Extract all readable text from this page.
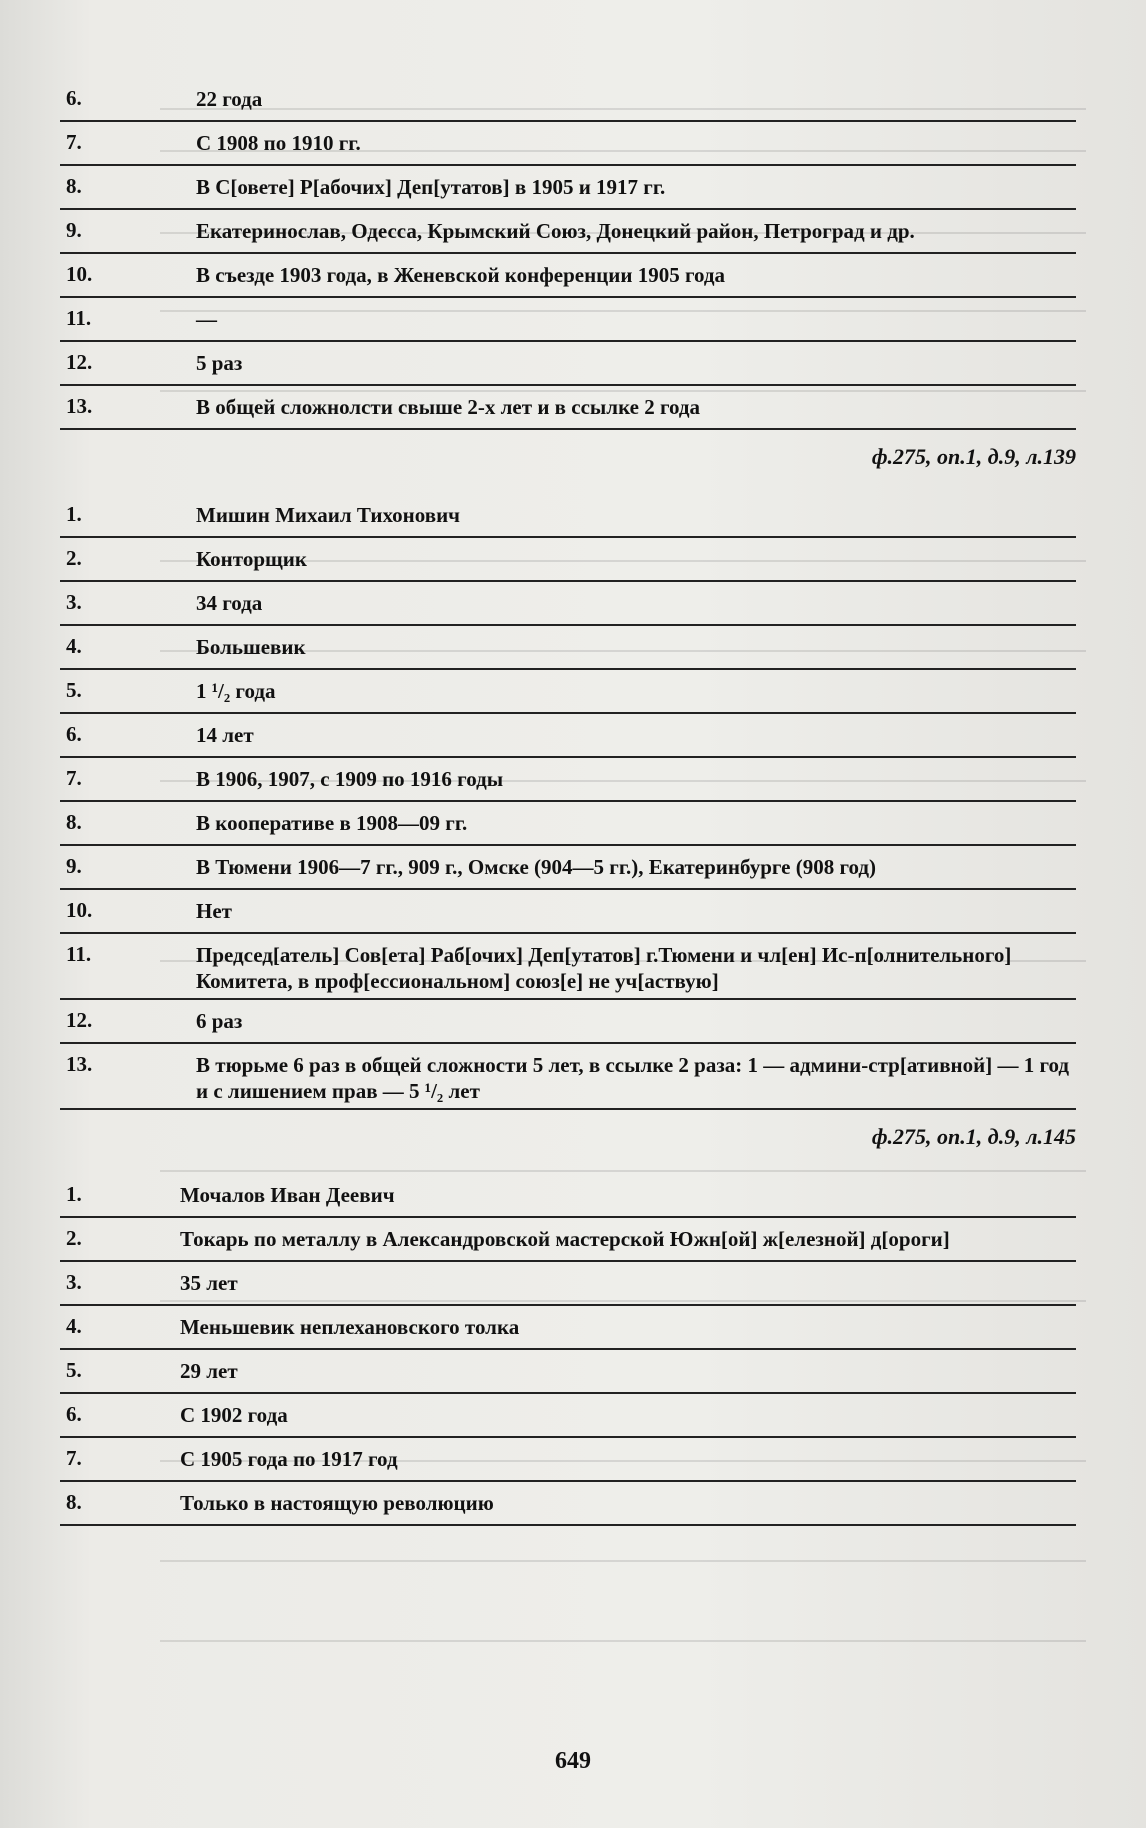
6.	22 года
7.	С 1908 по 1910 гг.
8.	В С[овете] Р[абочих] Деп[утатов] в 1905 и 1917 гг.
9.	Екатеринослав, Одесса, Крымский Союз, Донецкий район, Петроград и др.
10.	В съезде 1903 года, в Женевской конференции 1905 года
11.	—
12.	5 раз
13.	В общей сложнолсти свыше 2-х лет и в ссылке 2 года
ф.275, оп.1, д.9, л.139
1.	Мишин Михаил Тихонович
2.	Конторщик
3.	34 года
4.	Большевик
5.	1 ¹/₂ года
6.	14 лет
7.	В 1906, 1907, с 1909 по 1916 годы
8.	В кооперативе в 1908—09 гг.
9.	В Тюмени 1906—7 гг., 909 г., Омске (904—5 гг.), Екатеринбурге (908 год)
10.	Нет
11.	Председ[атель] Сов[ета] Раб[очих] Деп[утатов] г.Тюмени и чл[ен] Ис-п[олнительного] Комитета, в проф[ессиональном] союз[е] не уч[аствую]
12.	6 раз
13.	В тюрьме 6 раз в общей сложности 5 лет, в ссылке 2 раза: 1 — админи-стр[ативной] — 1 год и с лишением прав — 5 ¹/₂ лет
ф.275, оп.1, д.9, л.145
1.	Мочалов Иван Деевич
2.	Токарь по металлу в Александровской мастерской Южн[ой] ж[елезной] д[ороги]
3.	35 лет
4.	Меньшевик неплехановского толка
5.	29 лет
6.	С 1902 года
7.	С 1905 года по 1917 год
8.	Только в настоящую революцию
649
